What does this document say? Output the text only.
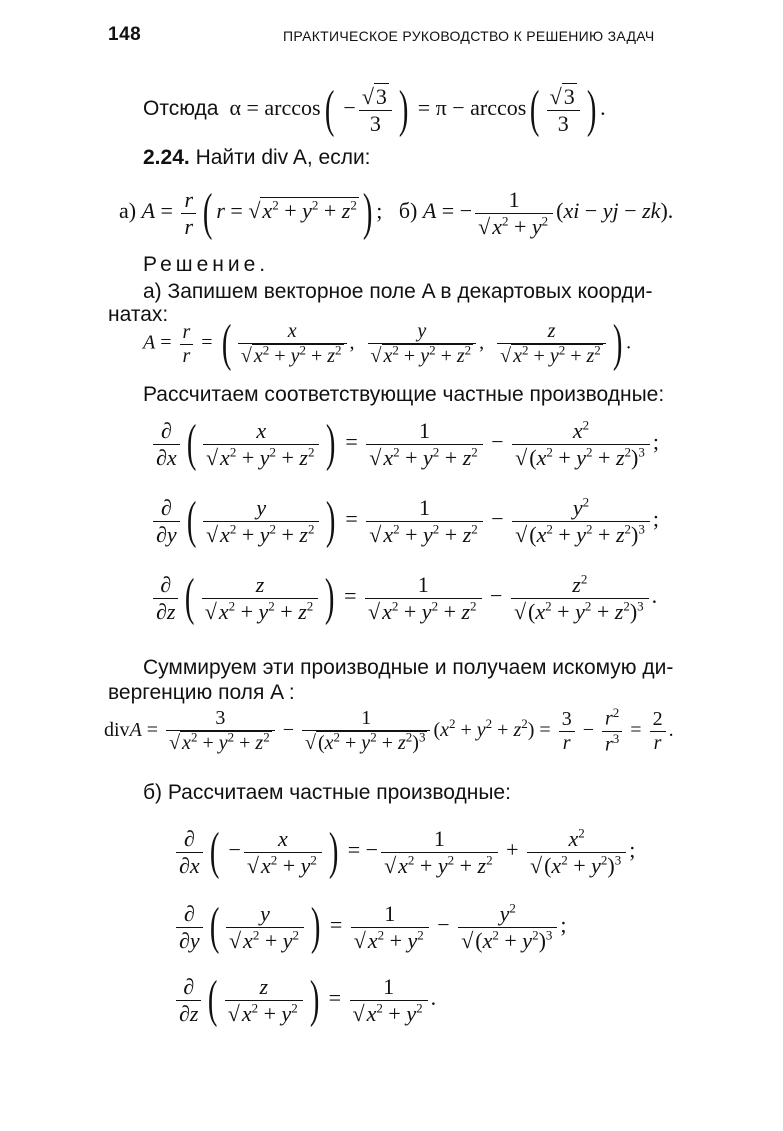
148	ПРАКТИЧЕСКОЕ РУКОВОДСТВО К РЕШЕНИЮ ЗАДАЧ
Отсюда  α = arccos( − √ $\frac{3}{3}$ ) = π − arccos( √ $\frac{3}{3}$ ) .
2.24. Найти div A, если:
а) $A = \frac{r}{r}$ ( r = √ $x^2 + y^2 + z^2$ ) ;   б) A = − 1
√ $x^2 + y^2$ (xi − yj − zk).
Решение.
а) Запишем векторное поле A в декартовых коорди-
натах:
$A = \frac{r}{r}$ = ( x
√ $x^2 + y^2 + z^2$ , y
√ $x^2 + y^2 + z^2$ , z
√ $x^2 + y^2 + z^2$ ) .
Рассчитаем соответствующие частные производные:
$\frac{\partial}{\partial x}$ ( x
√ $x^2 + y^2 + z^2$ ) = 1
√ $x^2 + y^2 + z^2 - x^2$
√ $(x^2 + y^2 + z^2)^3$ ;
$\frac{\partial}{\partial y}$ ( y
√ $x^2 + y^2 + z^2$ ) = 1
√ $x^2 + y^2 + z^2 - y^2$
√ $(x^2 + y^2 + z^2)^3$ ;
$\frac{\partial}{\partial z}$ ( z
√ $x^2 + y^2 + z^2$ ) = 1
√ $x^2 + y^2 + z^2 - z^2$
√ $(x^2 + y^2 + z^2)^3$ .
Суммируем эти производные и получаем искомую ди-
вергенцию поля A :
divA = 3
√ $x^2 + y^2 + z^2 - 1$
√ $(x^2 + y^2 + z^2)^3$ $(x^2 + y^2 + z^2) = \frac{3}{r} - \frac{r^2}{r^3} = \frac{2}{r}$ .
б) Рассчитаем частные производные:
$\frac{\partial}{\partial x}$ ( − x
√ $x^2 + y^2$ ) = − 1
√ $x^2 + y^2 + z^2 + x^2$
√ $(x^2 + y^2)^3$ ;
$\frac{\partial}{\partial y}$ ( y
√ $x^2 + y^2$ ) = 1
√ $x^2 + y^2 - y^2$
√ $(x^2 + y^2)^3$ ;
$\frac{\partial}{\partial z}$ ( z
√ $x^2 + y^2$ ) = 1
√ $x^2 + y^2$ .
